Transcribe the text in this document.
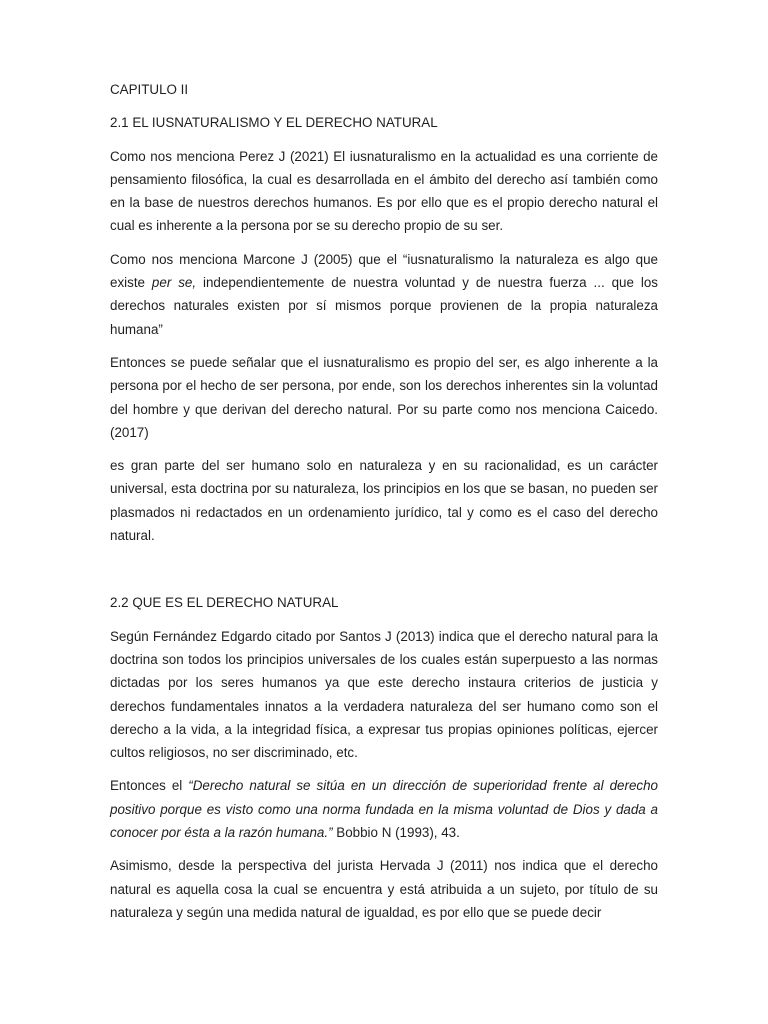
CAPITULO II

2.1 EL IUSNATURALISMO Y EL DERECHO NATURAL

Como nos menciona Perez J (2021) El iusnaturalismo en la actualidad es una corriente de pensamiento filosófica, la cual es desarrollada en el ámbito del derecho así también como en la base de nuestros derechos humanos. Es por ello que es el propio derecho natural el cual es inherente a la persona por se su derecho propio de su ser.

Como nos menciona Marcone J (2005) que el “iusnaturalismo la naturaleza es algo que existe per se, independientemente de nuestra voluntad y de nuestra fuerza ... que los derechos naturales existen por sí mismos porque provienen de la propia naturaleza humana”

Entonces se puede señalar que el iusnaturalismo es propio del ser, es algo inherente a la persona por el hecho de ser persona, por ende, son los derechos inherentes sin la voluntad del hombre y que derivan del derecho natural. Por su parte como nos menciona Caicedo. (2017)

es gran parte del ser humano solo en naturaleza y en su racionalidad, es un carácter universal, esta doctrina por su naturaleza, los principios en los que se basan, no pueden ser plasmados ni redactados en un ordenamiento jurídico, tal y como es el caso del derecho natural.

2.2 QUE ES EL DERECHO NATURAL

Según Fernández Edgardo citado por Santos J (2013) indica que el derecho natural para la doctrina son todos los principios universales de los cuales están superpuesto a las normas dictadas por los seres humanos ya que este derecho instaura criterios de justicia y derechos fundamentales innatos a la verdadera naturaleza del ser humano como son el derecho a la vida, a la integridad física, a expresar tus propias opiniones políticas, ejercer cultos religiosos, no ser discriminado, etc.

Entonces el “Derecho natural se sitúa en un dirección de superioridad frente al derecho positivo porque es visto como una norma fundada en la misma voluntad de Dios y dada a conocer por ésta a la razón humana.” Bobbio N (1993), 43.

Asimismo, desde la perspectiva del jurista Hervada J (2011) nos indica que el derecho natural es aquella cosa la cual se encuentra y está atribuida a un sujeto, por título de su naturaleza y según una medida natural de igualdad, es por ello que se puede decir
